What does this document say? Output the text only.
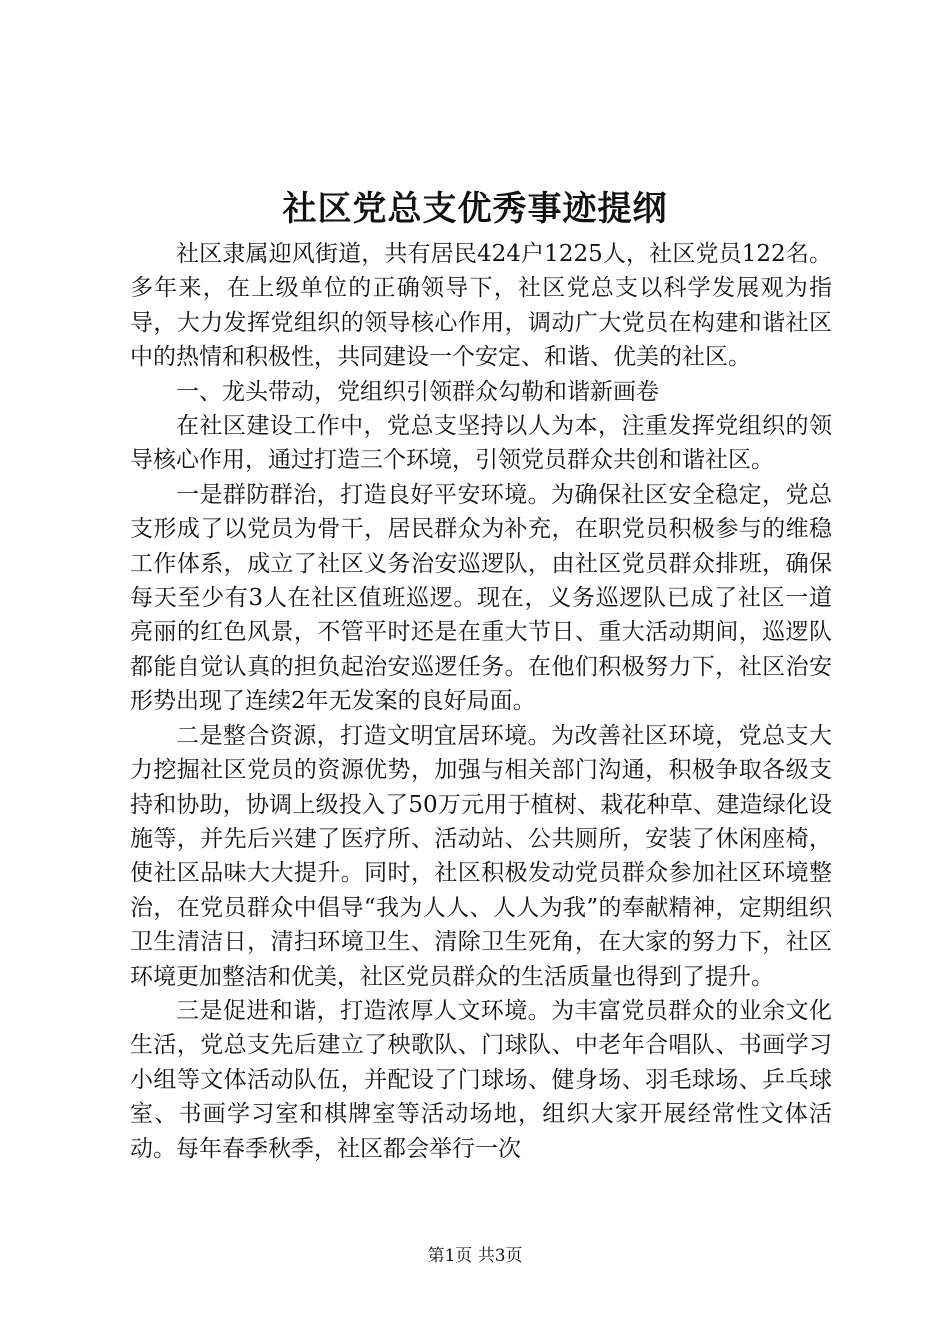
社区党总支优秀事迹提纲

社区隶属迎风街道，共有居民424户1225人，社区党员122名。多年来，在上级单位的正确领导下，社区党总支以科学发展观为指导，大力发挥党组织的领导核心作用，调动广大党员在构建和谐社区中的热情和积极性，共同建设一个安定、和谐、优美的社区。

一、龙头带动，党组织引领群众勾勒和谐新画卷

在社区建设工作中，党总支坚持以人为本，注重发挥党组织的领导核心作用，通过打造三个环境，引领党员群众共创和谐社区。

一是群防群治，打造良好平安环境。为确保社区安全稳定，党总支形成了以党员为骨干，居民群众为补充，在职党员积极参与的维稳工作体系，成立了社区义务治安巡逻队，由社区党员群众排班，确保每天至少有3人在社区值班巡逻。现在，义务巡逻队已成了社区一道亮丽的红色风景，不管平时还是在重大节日、重大活动期间，巡逻队都能自觉认真的担负起治安巡逻任务。在他们积极努力下，社区治安形势出现了连续2年无发案的良好局面。

二是整合资源，打造文明宜居环境。为改善社区环境，党总支大力挖掘社区党员的资源优势，加强与相关部门沟通，积极争取各级支持和协助，协调上级投入了50万元用于植树、栽花种草、建造绿化设施等，并先后兴建了医疗所、活动站、公共厕所，安装了休闲座椅，使社区品味大大提升。同时，社区积极发动党员群众参加社区环境整治，在党员群众中倡导“我为人人、人人为我”的奉献精神，定期组织卫生清洁日，清扫环境卫生、清除卫生死角，在大家的努力下，社区环境更加整洁和优美，社区党员群众的生活质量也得到了提升。

三是促进和谐，打造浓厚人文环境。为丰富党员群众的业余文化生活，党总支先后建立了秧歌队、门球队、中老年合唱队、书画学习小组等文体活动队伍，并配设了门球场、健身场、羽毛球场、乒乓球室、书画学习室和棋牌室等活动场地，组织大家开展经常性文体活动。每年春季秋季，社区都会举行一次

第1页 共3页
